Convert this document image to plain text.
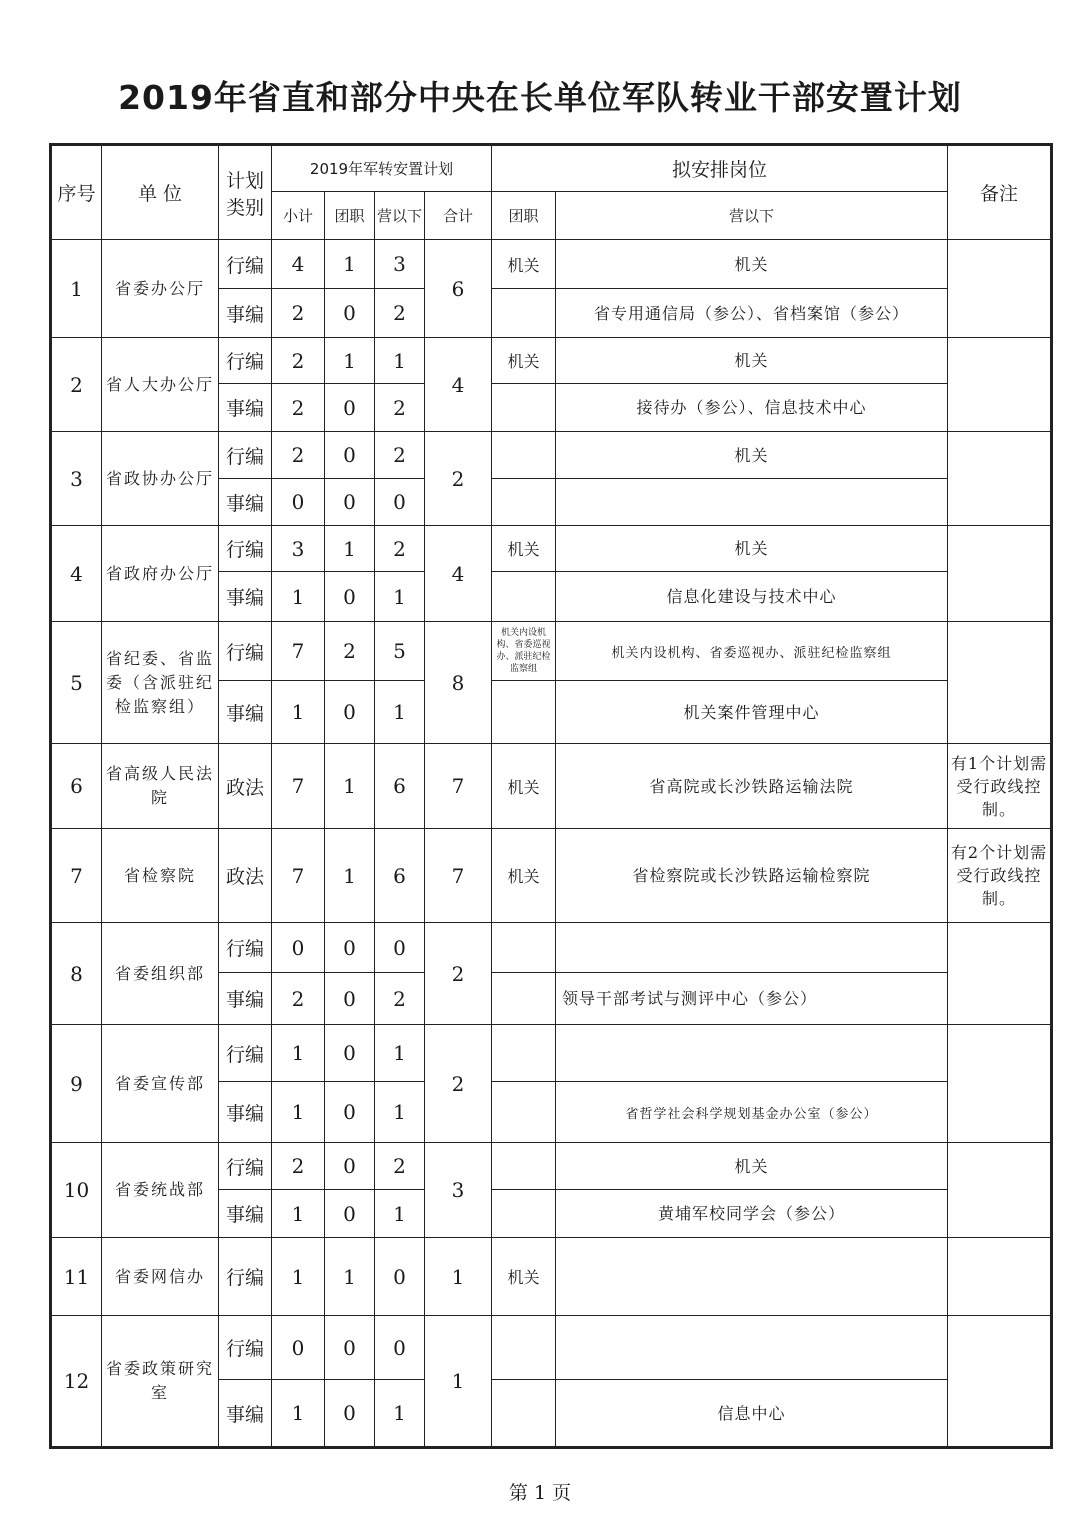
2019年省直和部分中央在长单位军队转业干部安置计划
序号	单 位	计划类别	2019年军转安置计划				拟安排岗位		备注
			小计	团职	营以下	合计	团职	营以下	
1	省委办公厅	行编	4	1	3	6	机关	机关	
		事编	2	0	2			省专用通信局（参公）、省档案馆（参公）	
2	省人大办公厅	行编	2	1	1	4	机关	机关	
		事编	2	0	2			接待办（参公）、信息技术中心	
3	省政协办公厅	行编	2	0	2	2		机关	
		事编	0	0	0				
4	省政府办公厅	行编	3	1	2	4	机关	机关	
		事编	1	0	1			信息化建设与技术中心	
5	省纪委、省监委（含派驻纪检监察组）	行编	7	2	5	8	机关内设机构、省委巡视办、派驻纪检监察组	机关内设机构、省委巡视办、派驻纪检监察组	
		事编	1	0	1			机关案件管理中心	
6	省高级人民法院	政法	7	1	6	7	机关	省高院或长沙铁路运输法院	有1个计划需受行政线控制。
7	省检察院	政法	7	1	6	7	机关	省检察院或长沙铁路运输检察院	有2个计划需受行政线控制。
8	省委组织部	行编	0	0	0	2			
		事编	2	0	2			领导干部考试与测评中心（参公）	
9	省委宣传部	行编	1	0	1	2			
		事编	1	0	1			省哲学社会科学规划基金办公室（参公）	
10	省委统战部	行编	2	0	2	3		机关	
		事编	1	0	1			黄埔军校同学会（参公）	
11	省委网信办	行编	1	1	0	1	机关		
12	省委政策研究室	行编	0	0	0	1			
		事编	1	0	1			信息中心	
第 1 页
